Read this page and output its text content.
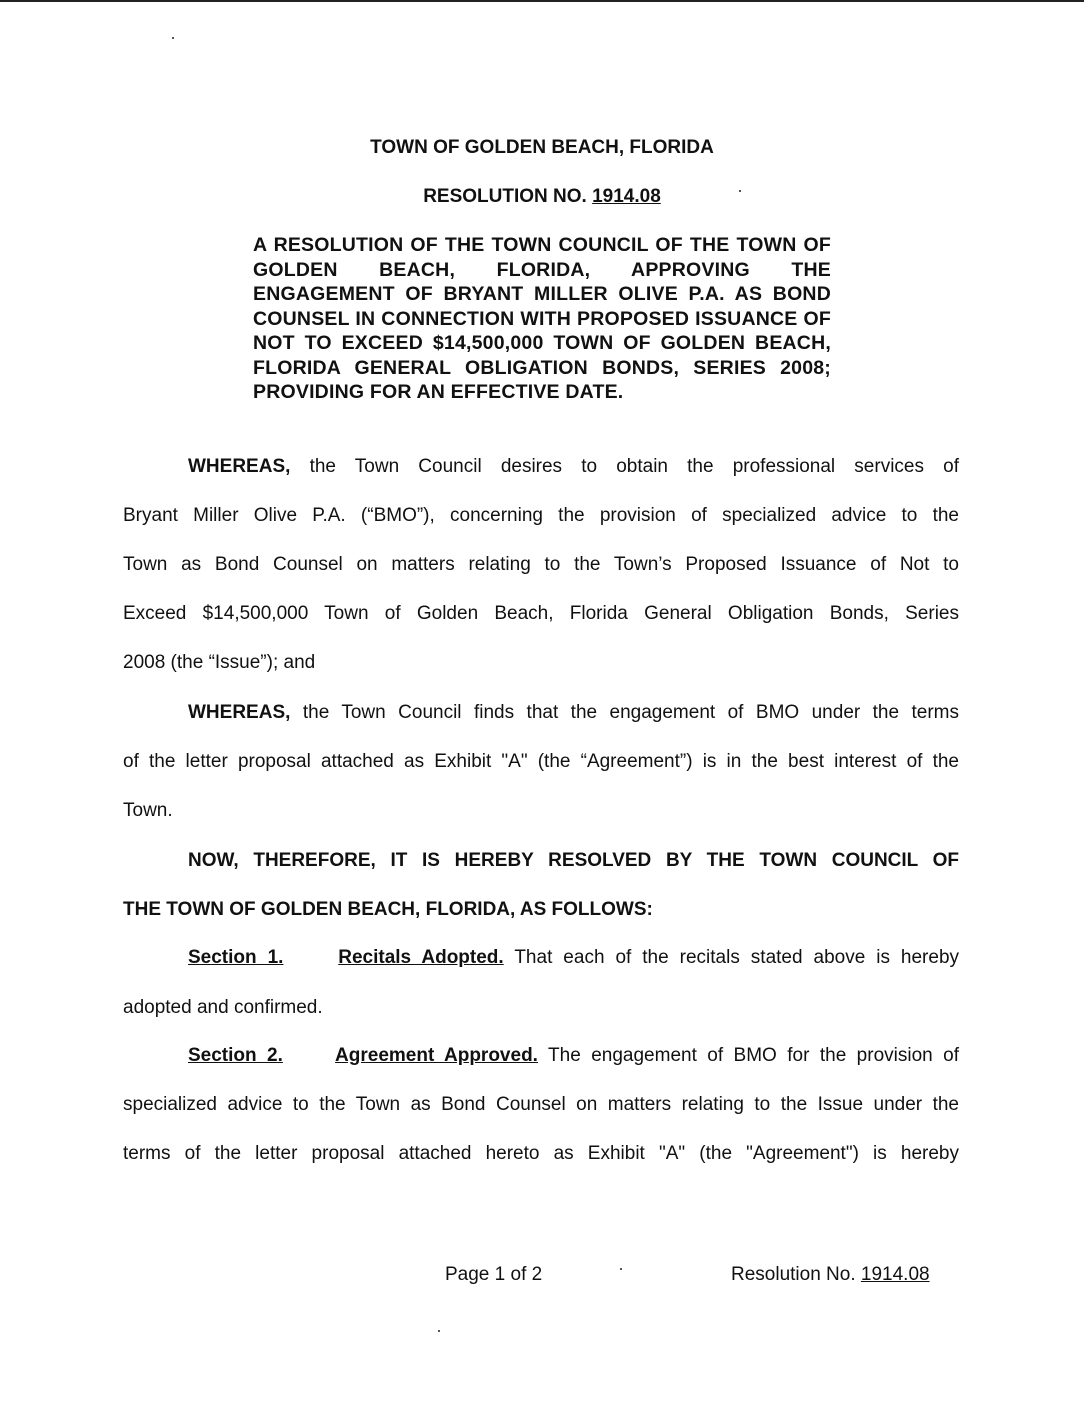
TOWN OF GOLDEN BEACH, FLORIDA
RESOLUTION NO. 1914.08
A RESOLUTION OF THE TOWN COUNCIL OF THE TOWN OF GOLDEN BEACH, FLORIDA, APPROVING THE ENGAGEMENT OF BRYANT MILLER OLIVE P.A. AS BOND COUNSEL IN CONNECTION WITH PROPOSED ISSUANCE OF NOT TO EXCEED $14,500,000 TOWN OF GOLDEN BEACH, FLORIDA GENERAL OBLIGATION BONDS, SERIES 2008; PROVIDING FOR AN EFFECTIVE DATE.
WHEREAS, the Town Council desires to obtain the professional services of
Bryant Miller Olive P.A. (“BMO”), concerning the provision of specialized advice to the
Town as Bond Counsel on matters relating to the Town’s Proposed Issuance of Not to
Exceed $14,500,000 Town of Golden Beach, Florida General Obligation Bonds, Series
2008 (the “Issue”); and
WHEREAS, the Town Council finds that the engagement of BMO under the terms
of the letter proposal attached as Exhibit "A" (the “Agreement”) is in the best interest of the
Town.
NOW, THEREFORE, IT IS HEREBY RESOLVED BY THE TOWN COUNCIL OF
THE TOWN OF GOLDEN BEACH, FLORIDA, AS FOLLOWS:
Section 1.	Recitals Adopted. That each of the recitals stated above is hereby
adopted and confirmed.
Section 2.	Agreement Approved. The engagement of BMO for the provision of
specialized advice to the Town as Bond Counsel on matters relating to the Issue under the
terms of the letter proposal attached hereto as Exhibit "A" (the "Agreement") is hereby
Page 1 of 2	Resolution No. 1914.08
